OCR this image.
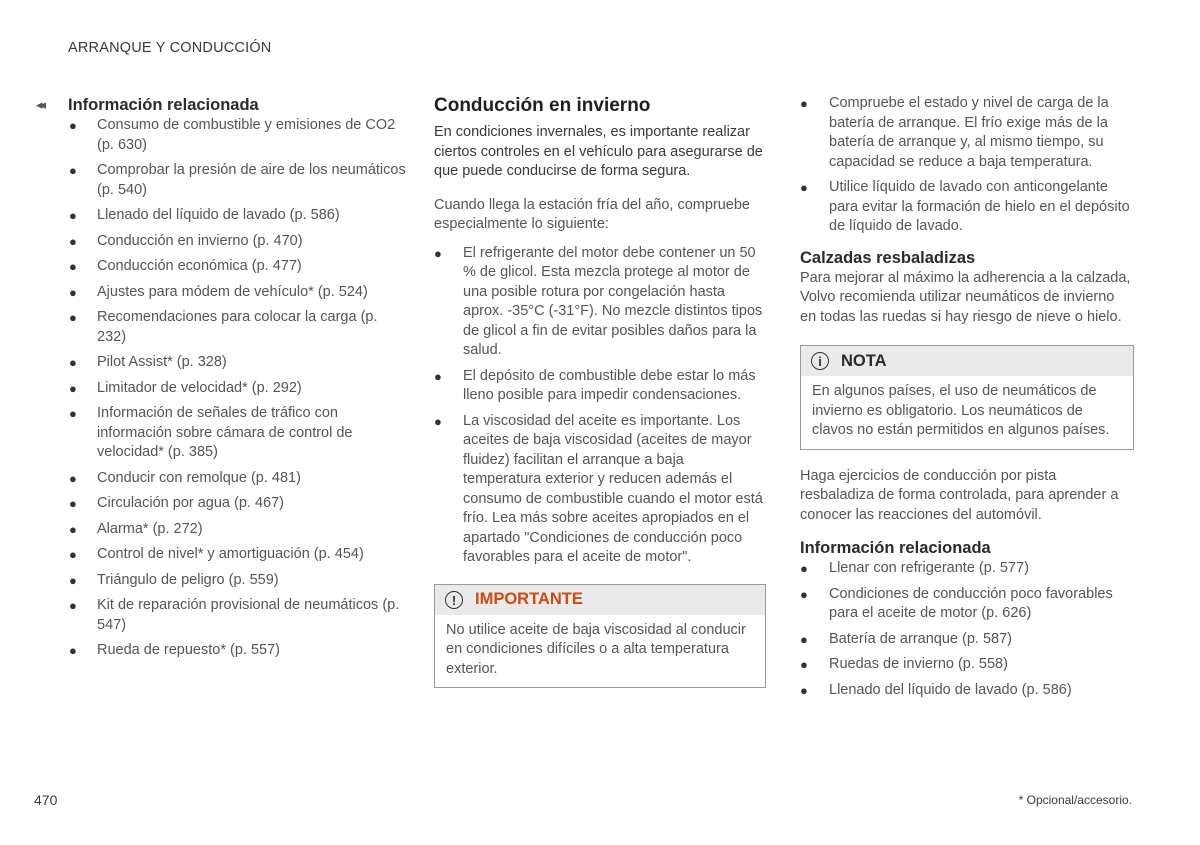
ARRANQUE Y CONDUCCIÓN
◂◂ Información relacionada
● Consumo de combustible y emisiones de CO2 (p. 630)
● Comprobar la presión de aire de los neumáticos (p. 540)
● Llenado del líquido de lavado (p. 586)
● Conducción en invierno (p. 470)
● Conducción económica (p. 477)
● Ajustes para módem de vehículo* (p. 524)
● Recomendaciones para colocar la carga (p. 232)
● Pilot Assist* (p. 328)
● Limitador de velocidad* (p. 292)
● Información de señales de tráfico con información sobre cámara de control de velocidad* (p. 385)
● Conducir con remolque (p. 481)
● Circulación por agua (p. 467)
● Alarma* (p. 272)
● Control de nivel* y amortiguación (p. 454)
● Triángulo de peligro (p. 559)
● Kit de reparación provisional de neumáticos (p. 547)
● Rueda de repuesto* (p. 557)
Conducción en invierno

En condiciones invernales, es importante realizar ciertos controles en el vehículo para asegurarse de que puede conducirse de forma segura.

Cuando llega la estación fría del año, compruebe especialmente lo siguiente:

● El refrigerante del motor debe contener un 50 % de glicol. Esta mezcla protege al motor de una posible rotura por congelación hasta aprox. -35°C (-31°F). No mezcle distintos tipos de glicol a fin de evitar posibles daños para la salud.
● El depósito de combustible debe estar lo más lleno posible para impedir condensaciones.
● La viscosidad del aceite es importante. Los aceites de baja viscosidad (aceites de mayor fluidez) facilitan el arranque a baja temperatura exterior y reducen además el consumo de combustible cuando el motor está frío. Lea más sobre aceites apropiados en el apartado "Condiciones de conducción poco favorables para el aceite de motor".
!	IMPORTANTE
No utilice aceite de baja viscosidad al conducir en condiciones difíciles o a alta temperatura exterior.
● Compruebe el estado y nivel de carga de la batería de arranque. El frío exige más de la batería de arranque y, al mismo tiempo, su capacidad se reduce a baja temperatura.
● Utilice líquido de lavado con anticongelante para evitar la formación de hielo en el depósito de líquido de lavado.
Calzadas resbaladizas

Para mejorar al máximo la adherencia a la calzada, Volvo recomienda utilizar neumáticos de invierno en todas las ruedas si hay riesgo de nieve o hielo.

i	NOTA
En algunos países, el uso de neumáticos de invierno es obligatorio. Los neumáticos de clavos no están permitidos en algunos países.

Haga ejercicios de conducción por pista resbaladiza de forma controlada, para aprender a conocer las reacciones del automóvil.

Información relacionada
● Llenar con refrigerante (p. 577)
● Condiciones de conducción poco favorables para el aceite de motor (p. 626)
● Batería de arranque (p. 587)
● Ruedas de invierno (p. 558)
● Llenado del líquido de lavado (p. 586)
470	* Opcional/accesorio.
